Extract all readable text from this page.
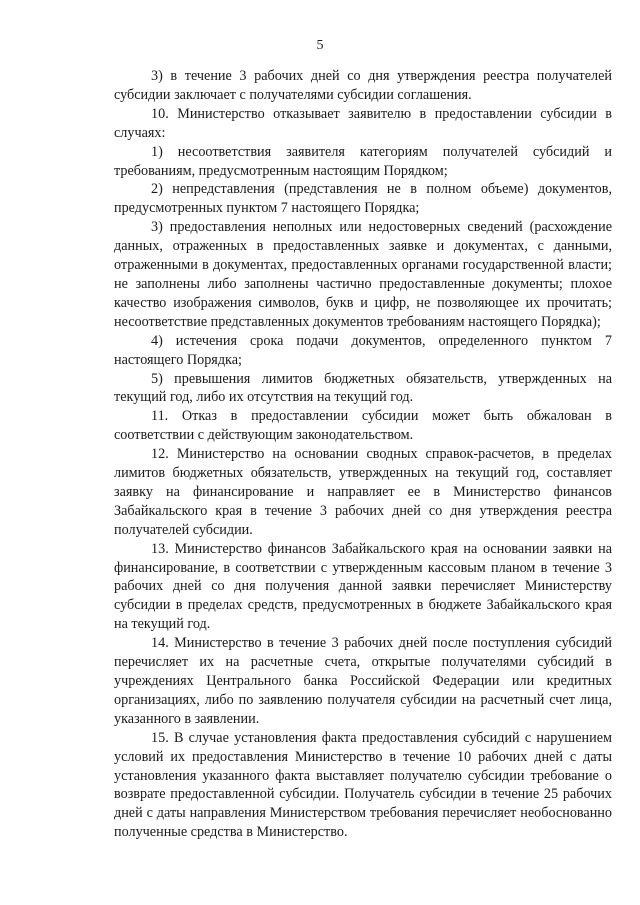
5

3) в течение 3 рабочих дней со дня утверждения реестра получателей субсидии заключает с получателями субсидии соглашения.

10. Министерство отказывает заявителю в предоставлении субсидии в случаях:

1) несоответствия заявителя категориям получателей субсидий и требованиям, предусмотренным настоящим Порядком;

2) непредставления (представления не в полном объеме) документов, предусмотренных пунктом 7 настоящего Порядка;

3) предоставления неполных или недостоверных сведений (расхождение данных, отраженных в предоставленных заявке и документах, с данными, отраженными в документах, предоставленных органами государственной власти; не заполнены либо заполнены частично предоставленные документы; плохое качество изображения символов, букв и цифр, не позволяющее их прочитать; несоответствие представленных документов требованиям настоящего Порядка);

4) истечения срока подачи документов, определенного пунктом 7 настоящего Порядка;

5) превышения лимитов бюджетных обязательств, утвержденных на текущий год, либо их отсутствия на текущий год.

11. Отказ в предоставлении субсидии может быть обжалован в соответствии с действующим законодательством.

12. Министерство на основании сводных справок-расчетов, в пределах лимитов бюджетных обязательств, утвержденных на текущий год, составляет заявку на финансирование и направляет ее в Министерство финансов Забайкальского края в течение 3 рабочих дней со дня утверждения реестра получателей субсидии.

13. Министерство финансов Забайкальского края на основании заявки на финансирование, в соответствии с утвержденным кассовым планом в течение 3 рабочих дней со дня получения данной заявки перечисляет Министерству субсидии в пределах средств, предусмотренных в бюджете Забайкальского края на текущий год.

14. Министерство в течение 3 рабочих дней после поступления субсидий перечисляет их на расчетные счета, открытые получателями субсидий в учреждениях Центрального банка Российской Федерации или кредитных организациях, либо по заявлению получателя субсидии на расчетный счет лица, указанного в заявлении.

15. В случае установления факта предоставления субсидий с нарушением условий их предоставления Министерство в течение 10 рабочих дней с даты установления указанного факта выставляет получателю субсидии требование о возврате предоставленной субсидии. Получатель субсидии в течение 25 рабочих дней с даты направления Министерством требования перечисляет необоснованно полученные средства в Министерство.
